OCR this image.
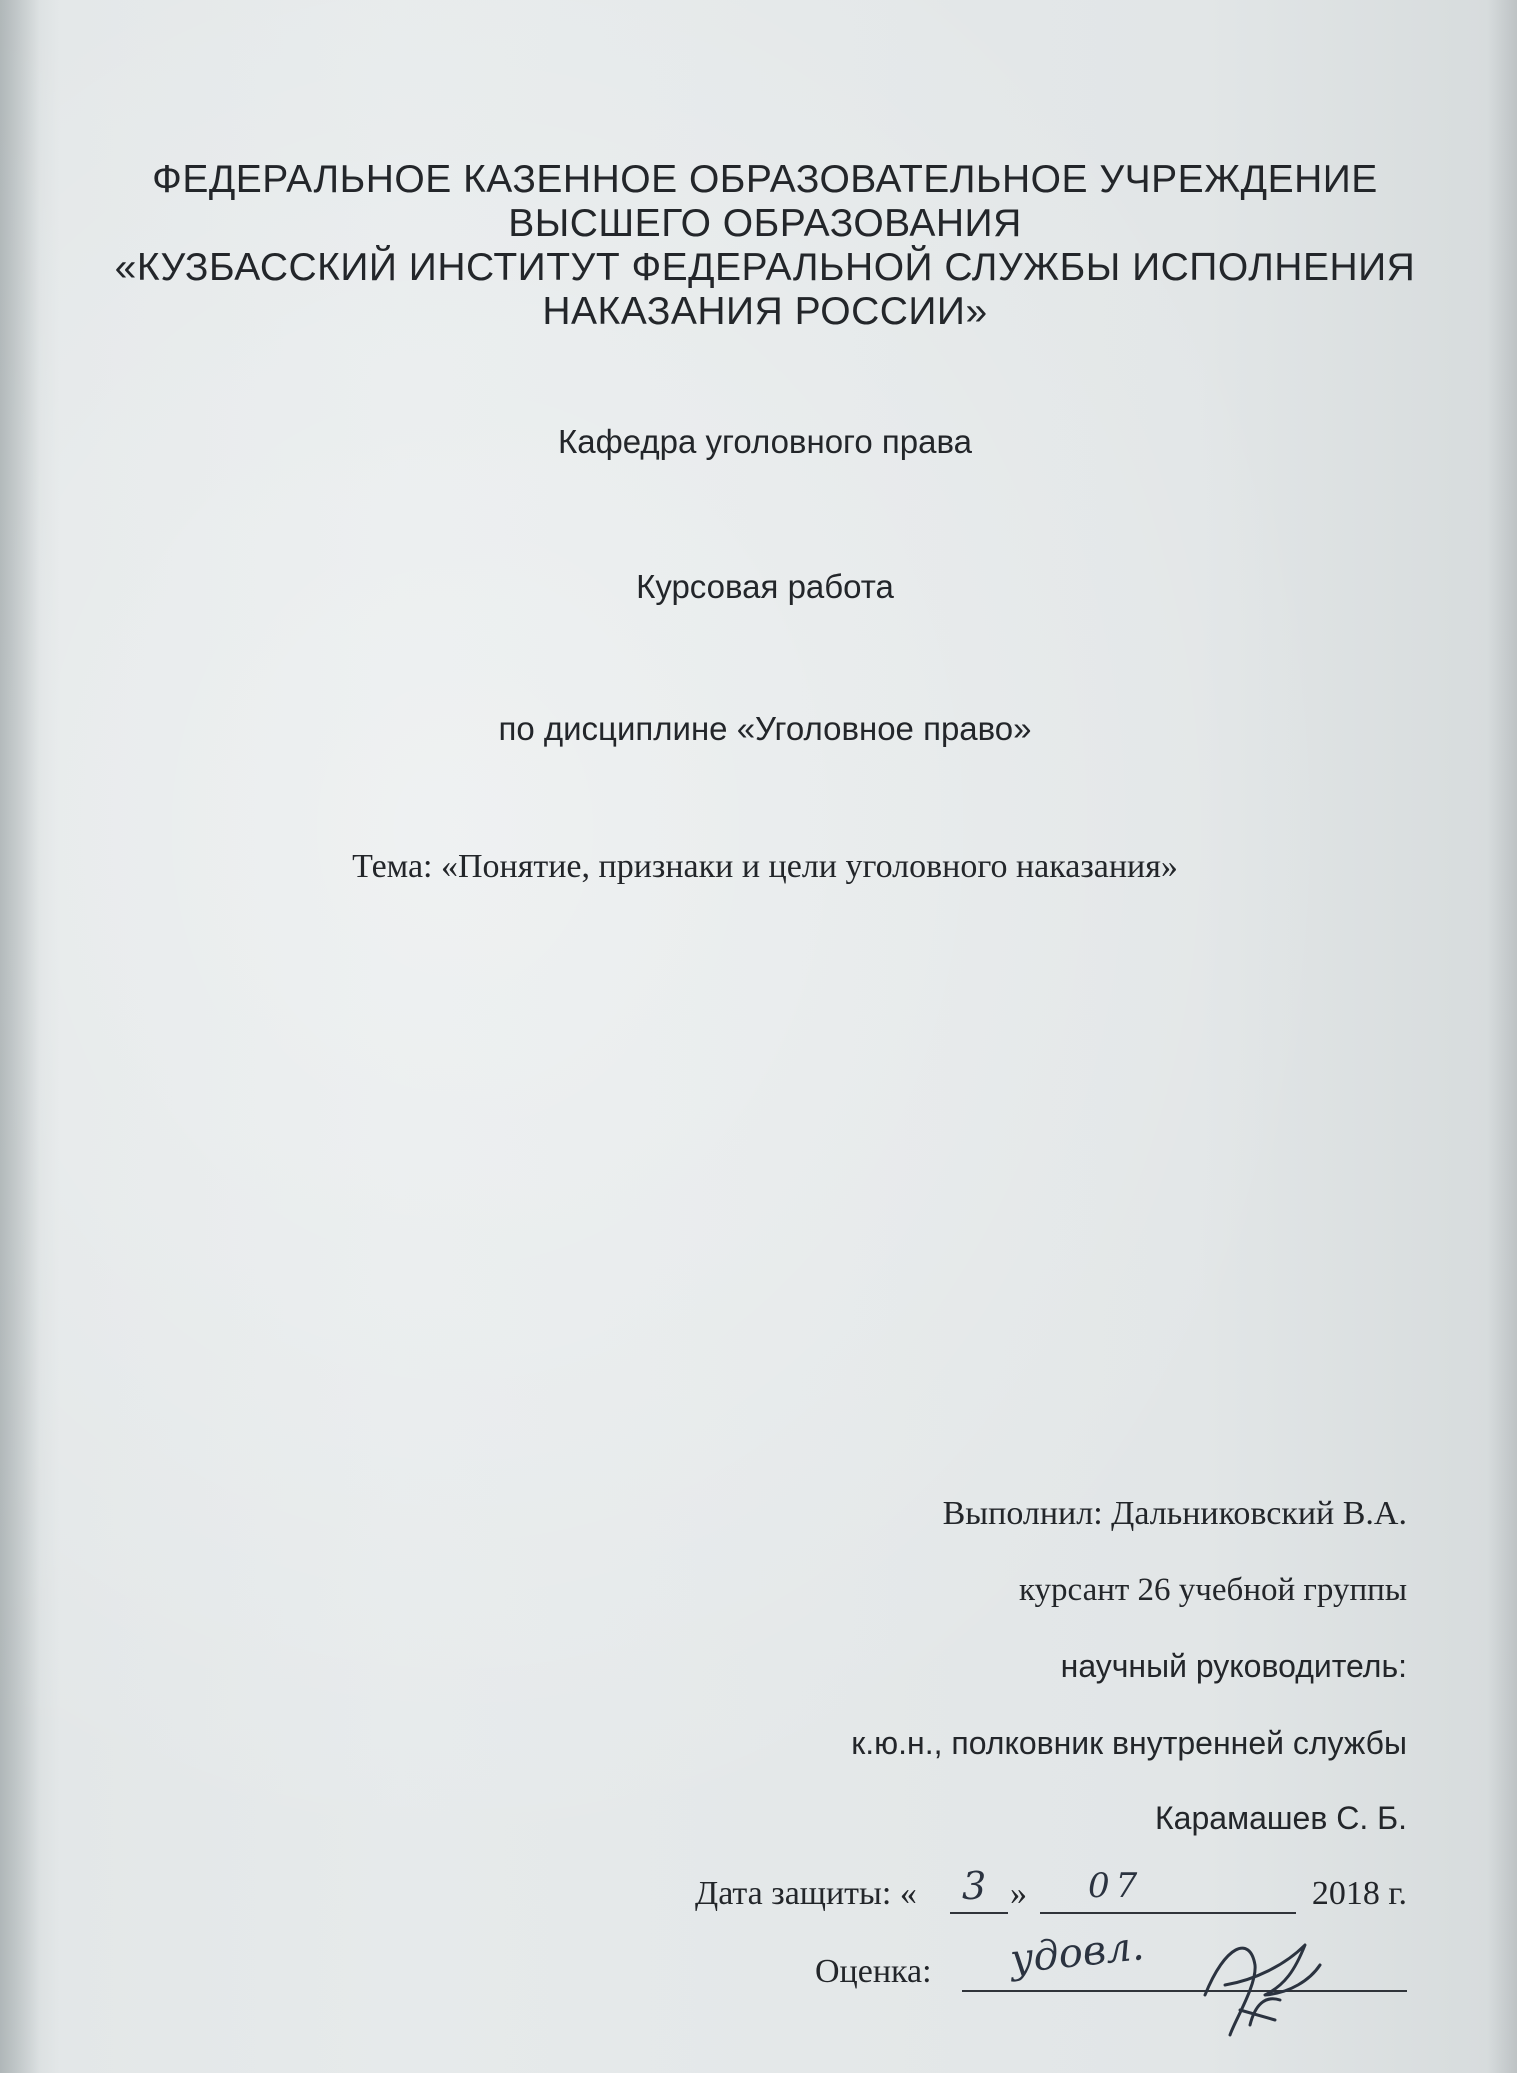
ФЕДЕРАЛЬНОЕ КАЗЕННОЕ ОБРАЗОВАТЕЛЬНОЕ УЧРЕЖДЕНИЕ
ВЫСШЕГО ОБРАЗОВАНИЯ
«КУЗБАССКИЙ ИНСТИТУТ ФЕДЕРАЛЬНОЙ СЛУЖБЫ ИСПОЛНЕНИЯ
НАКАЗАНИЯ РОССИИ»
Кафедра уголовного права
Курсовая работа
по дисциплине «Уголовное право»
Тема: «Понятие, признаки и цели уголовного наказания»
Выполнил: Дальниковский В.А.
курсант 26 учебной группы
научный руководитель:
к.ю.н., полковник внутренней службы
Карамашев С. Б.
Дата защиты: « 3 » 07	2018 г.
Оценка: удовл.
